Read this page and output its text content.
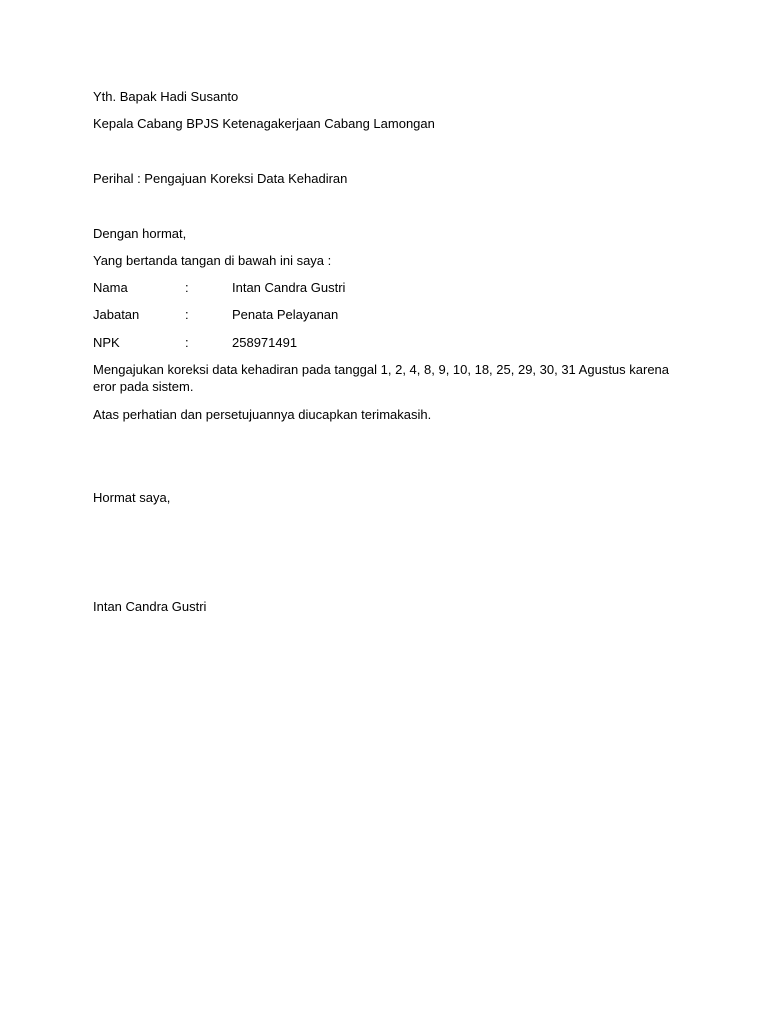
Yth. Bapak Hadi Susanto

Kepala Cabang BPJS Ketenagakerjaan Cabang Lamongan

Perihal : Pengajuan Koreksi Data Kehadiran

Dengan hormat,

Yang bertanda tangan di bawah ini saya :

Nama	:	Intan Candra Gustri
Jabatan	:	Penata Pelayanan
NPK	:	258971491

Mengajukan koreksi data kehadiran pada tanggal 1, 2, 4, 8, 9, 10, 18, 25, 29, 30, 31 Agustus karena eror pada sistem.

Atas perhatian dan persetujuannya diucapkan terimakasih.

Hormat saya,

Intan Candra Gustri
